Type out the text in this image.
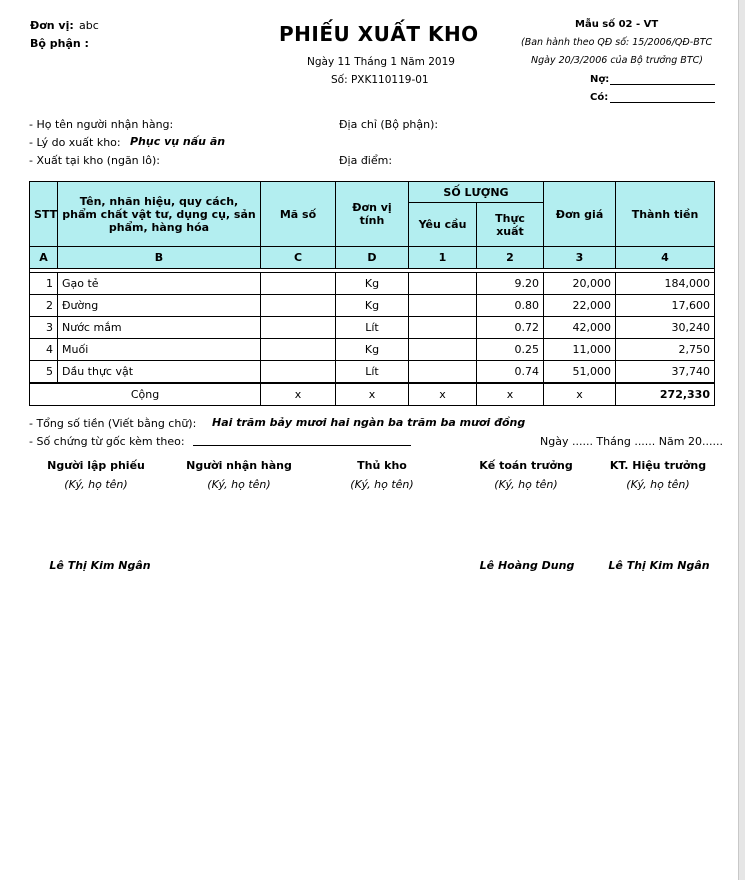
Đơn vị: abc
Bộ phận :	PHIẾU XUẤT KHO
Ngày 11 Tháng 1 Năm 2019
Số: PXK110119-01
Mẫu số 02 - VT
(Ban hành theo QĐ số: 15/2006/QĐ-BTC
Ngày 20/3/2006 của Bộ trưởng BTC)
Nợ:
Có:
- Họ tên người nhận hàng:	Địa chỉ (Bộ phận):
- Lý do xuất kho: Phục vụ nấu ăn
- Xuất tại kho (ngăn lô):	Địa điểm:
STT	Tên, nhãn hiệu, quy cách, phẩm chất vật tư, dụng cụ, sản phẩm, hàng hóa	Mã số	Đơn vị tính	SỐ LƯỢNG		Đơn giá	Thành tiền
				Yêu cầu	Thực xuất		
A	B	C	D	1	2	3	4

1	Gạo tẻ		Kg		9.20	20,000	184,000
2	Đường		Kg		0.80	22,000	17,600
3	Nước mắm		Lít		0.72	42,000	30,240
4	Muối		Kg		0.25	11,000	2,750
5	Dầu thực vật		Lít		0.74	51,000	37,740
Cộng		x	x	x	x	x	272,330
- Tổng số tiền (Viết bằng chữ): Hai trăm bảy mươi hai ngàn ba trăm ba mươi đồng
- Số chứng từ gốc kèm theo:	Ngày ...... Tháng ...... Năm 20......
Người lập phiếu
(Ký, họ tên)
Lê Thị Kim Ngân
Người nhận hàng
(Ký, họ tên)
Thủ kho
(Ký, họ tên)
Kế toán trưởng
(Ký, họ tên)
Lê Hoàng Dung
KT. Hiệu trưởng
(Ký, họ tên)
Lê Thị Kim Ngân
